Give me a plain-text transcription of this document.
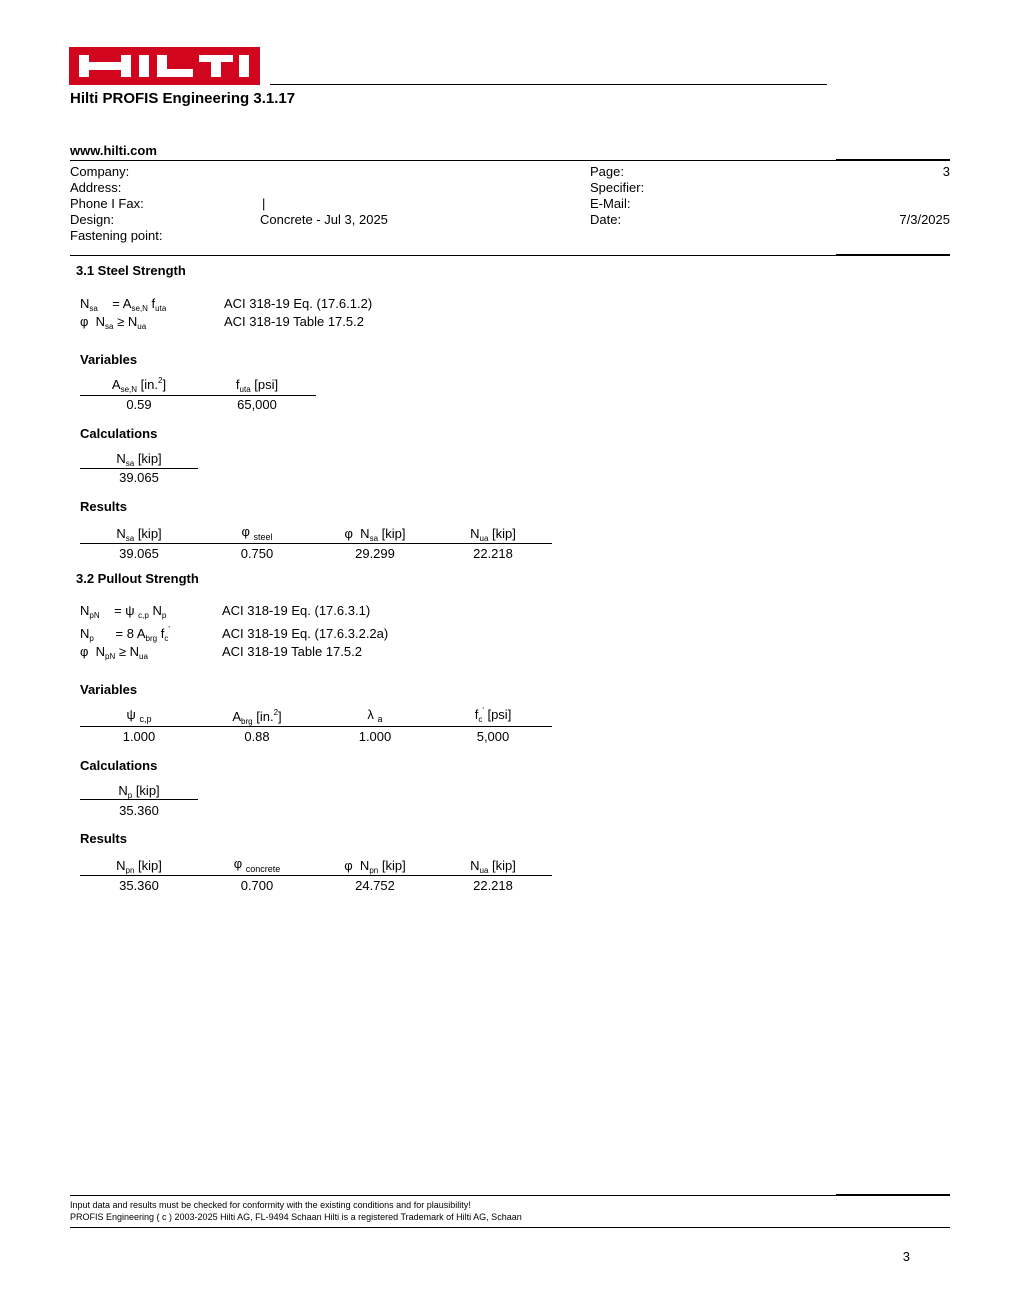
Hilti PROFIS Engineering 3.1.17
www.hilti.com
Company:
Address:
Phone I Fax:	|
Design:	Concrete - Jul 3, 2025
Fastening point:
Page:	3
Specifier:
E-Mail:
Date:	7/3/2025
3.1 Steel Strength
$N_{sa}$    = $A_{se,N}$ $f_{uta}$	ACI 318-19 Eq. (17.6.1.2)
φ  $N_{sa} \ge N_{ua}$	ACI 318-19 Table 17.5.2
Variables
$A_{se,N}$ [in.$^2$]	$f_{uta}$ [psi]
0.59	65,000
Calculations
$N_{sa}$ [kip]
39.065
Results
$N_{sa}$ [kip]	φ $_{steel}$	φ  $N_{sa}$ [kip]	$N_{ua}$ [kip]
39.065	0.750	29.299	22.218
3.2 Pullout Strength
$N_{pN}$    = ψ $_{c,p}$ $N_p$	ACI 318-19 Eq. (17.6.3.1)
$N_p$      = 8 $A_{brg}$ $f_c'$	ACI 318-19 Eq. (17.6.3.2.2a)
φ  $N_{pN} \ge N_{ua}$	ACI 318-19 Table 17.5.2
Variables
ψ $_{c,p}$	$A_{brg}$ [in.$^2$]	λ $_a$	$f_c'$ [psi]
1.000	0.88	1.000	5,000
Calculations
$N_p$ [kip]
35.360
Results
$N_{pn}$ [kip]	φ $_{concrete}$	φ  $N_{pn}$ [kip]	$N_{ua}$ [kip]
35.360	0.700	24.752	22.218
Input data and results must be checked for conformity with the existing conditions and for plausibility!
PROFIS Engineering ( c ) 2003-2025 Hilti AG, FL-9494 Schaan Hilti is a registered Trademark of Hilti AG, Schaan
3
